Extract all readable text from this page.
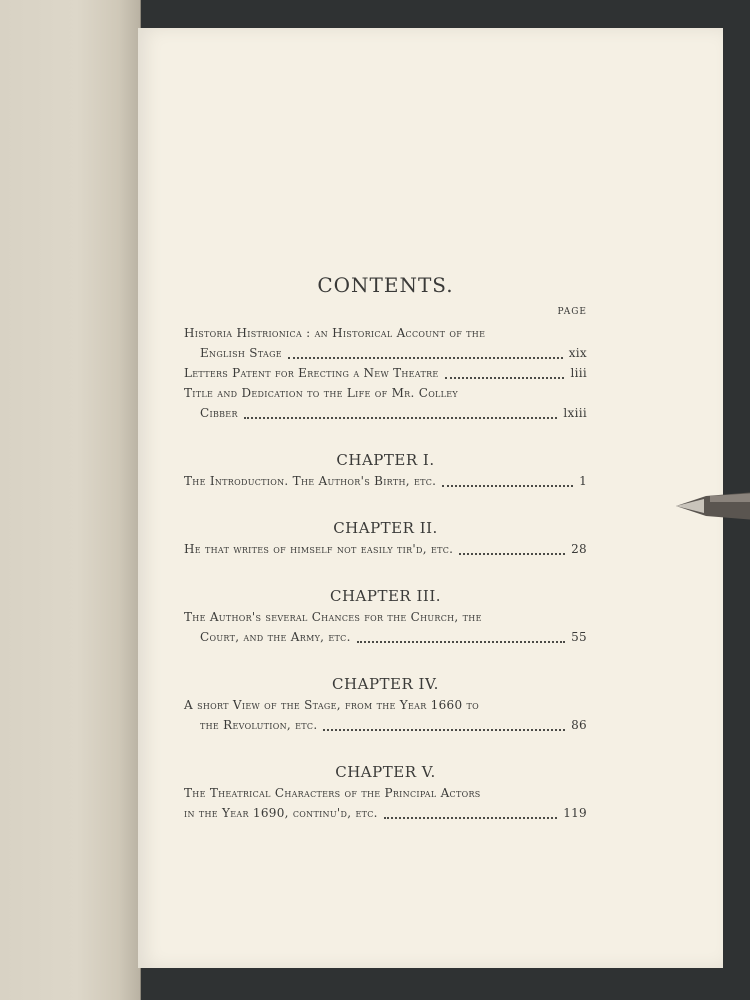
CONTENTS.
PAGE
Historia Histrionica : an Historical Account of the
English Stage	xix
Letters Patent for Erecting a New Theatre	liii
Title and Dedication to the Life of Mr. Colley
Cibber	lxiii
CHAPTER I.
The Introduction. The Author's Birth, etc.	1
CHAPTER II.
He that writes of himself not easily tir'd, etc.	28
CHAPTER III.
The Author's several Chances for the Church, the
Court, and the Army, etc.	55
CHAPTER IV.
A short View of the Stage, from the Year 1660 to
the Revolution, etc.	86
CHAPTER V.
The Theatrical Characters of the Principal Actors
in the Year 1690, continu'd, etc.	119
